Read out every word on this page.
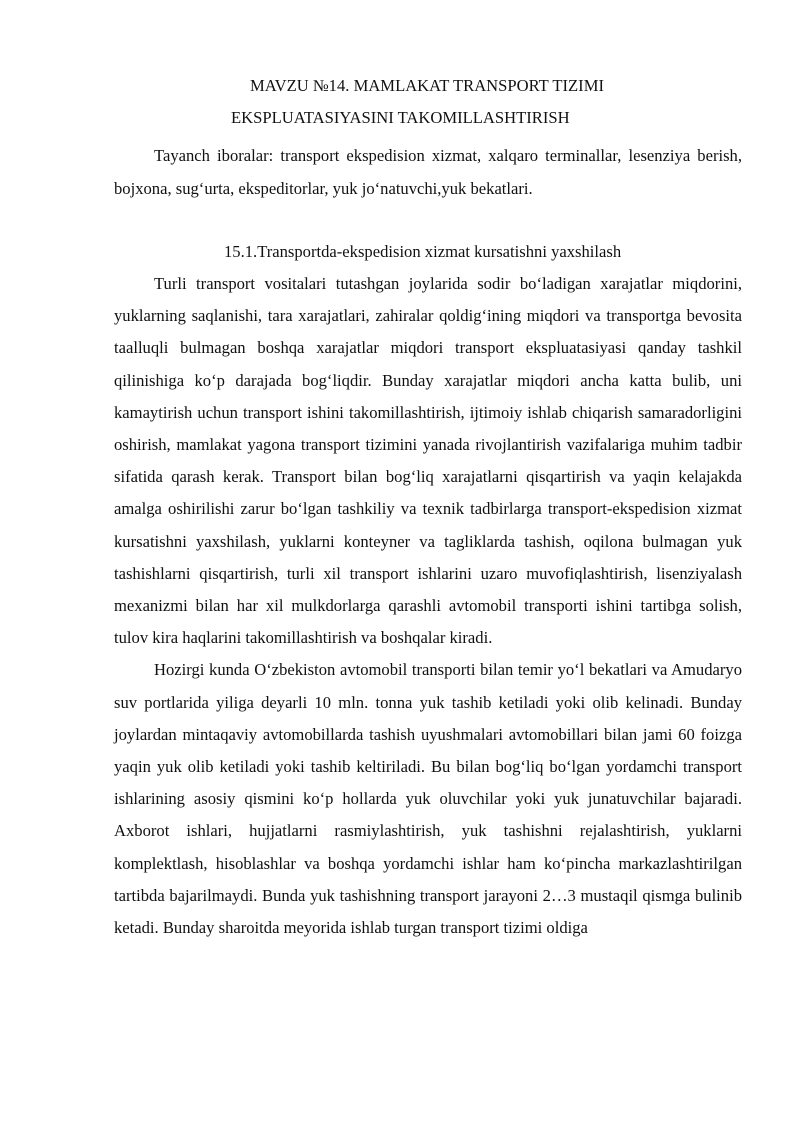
MAVZU №14. MAMLAKAT TRANSPORT TIZIMI
EKSPLUATASIYASINI TAKOMILLASHTIRISH

Tayanch iboralar: transport ekspedision xizmat, xalqaro terminallar, lesenziya berish, bojxona, sug‘urta, ekspeditorlar, yuk jo‘natuvchi,yuk bekatlari.

15.1.Transportda-ekspedision xizmat kursatishni yaxshilash

Turli transport vositalari tutashgan joylarida sodir bo‘ladigan xarajatlar miqdorini, yuklarning saqlanishi, tara xarajatlari, zahiralar qoldig‘ining miqdori va transportga bevosita taalluqli bulmagan boshqa xarajatlar miqdori transport ekspluatasiyasi qanday tashkil qilinishiga ko‘p darajada bog‘liqdir. Bunday xarajatlar miqdori ancha katta bulib, uni kamaytirish uchun transport ishini takomillashtirish, ijtimoiy ishlab chiqarish samaradorligini oshirish, mamlakat yagona transport tizimini yanada rivojlantirish vazifalariga muhim tadbir sifatida qarash kerak. Transport bilan bog‘liq xarajatlarni qisqartirish va yaqin kelajakda amalga oshirilishi zarur bo‘lgan tashkiliy va texnik tadbirlarga transport-ekspedision xizmat kursatishni yaxshilash, yuklarni konteyner va tagliklarda tashish, oqilona bulmagan yuk tashishlarni qisqartirish, turli xil transport ishlarini uzaro muvofiqlashtirish, lisenziyalash mexanizmi bilan har xil mulkdorlarga qarashli avtomobil transporti ishini tartibga solish, tulov kira haqlarini takomillashtirish va boshqalar kiradi.

Hozirgi kunda O‘zbekiston avtomobil transporti bilan temir yo‘l bekatlari va Amudaryo suv portlarida yiliga deyarli 10 mln. tonna yuk tashib ketiladi yoki olib kelinadi. Bunday joylardan mintaqaviy avtomobillarda tashish uyushmalari avtomobillari bilan jami 60 foizga yaqin yuk olib ketiladi yoki tashib keltiriladi. Bu bilan bog‘liq bo‘lgan yordamchi transport ishlarining asosiy qismini ko‘p hollarda yuk oluvchilar yoki yuk junatuvchilar bajaradi. Axborot ishlari, hujjatlarni rasmiylashtirish, yuk tashishni rejalashtirish, yuklarni komplektlash, hisoblashlar va boshqa yordamchi ishlar ham ko‘pincha markazlashtirilgan tartibda bajarilmaydi. Bunda yuk tashishning transport jarayoni 2…3 mustaqil qismga bulinib ketadi. Bunday sharoitda meyorida ishlab turgan transport tizimi oldiga
